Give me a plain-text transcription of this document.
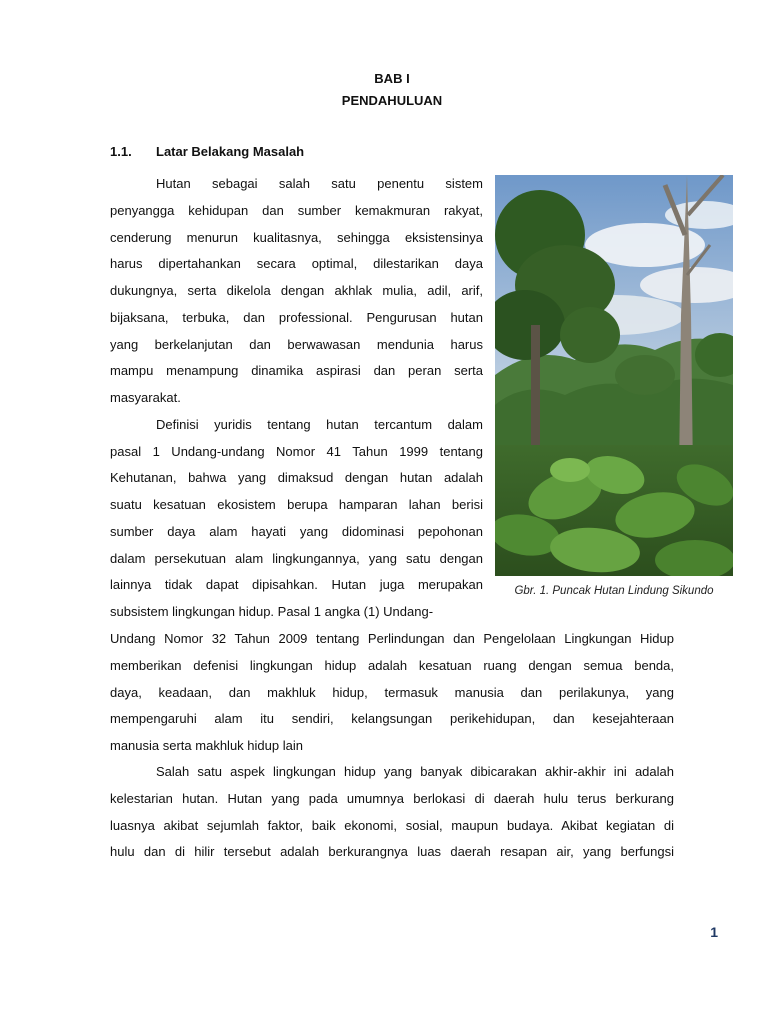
BAB I
PENDAHULUAN
1.1. Latar Belakang Masalah
Hutan sebagai salah satu penentu sistem
penyangga kehidupan dan sumber kemakmuran rakyat,
cenderung menurun kualitasnya, sehingga eksistensinya
harus dipertahankan secara optimal, dilestarikan daya
dukungnya, serta dikelola dengan akhlak mulia, adil, arif,
bijaksana, terbuka, dan professional. Pengurusan hutan
yang berkelanjutan dan berwawasan mendunia harus
mampu menampung dinamika aspirasi dan peran serta
masyarakat.
Definisi yuridis tentang hutan tercantum dalam
pasal 1 Undang-undang Nomor 41 Tahun 1999 tentang
Kehutanan, bahwa yang dimaksud dengan hutan adalah
suatu kesatuan ekosistem berupa hamparan lahan berisi
sumber daya alam hayati yang didominasi pepohonan
dalam persekutuan alam lingkungannya, yang satu dengan
lainnya tidak dapat dipisahkan. Hutan juga merupakan
subsistem lingkungan hidup. Pasal 1 angka (1) Undang-
Undang Nomor 32 Tahun 2009 tentang Perlindungan dan Pengelolaan Lingkungan Hidup
memberikan defenisi lingkungan hidup adalah kesatuan ruang dengan semua benda,
daya, keadaan, dan makhluk hidup, termasuk manusia dan perilakunya, yang
mempengaruhi alam itu sendiri, kelangsungan perikehidupan, dan kesejahteraan
manusia serta makhluk hidup lain
Salah satu aspek lingkungan hidup yang banyak dibicarakan akhir-akhir ini adalah
kelestarian hutan. Hutan yang pada umumnya berlokasi di daerah hulu terus berkurang
luasnya akibat sejumlah faktor, baik ekonomi, sosial, maupun budaya. Akibat kegiatan di
hulu dan di hilir tersebut adalah berkurangnya luas daerah resapan air, yang berfungsi
Gbr. 1. Puncak Hutan Lindung Sikundo
1
